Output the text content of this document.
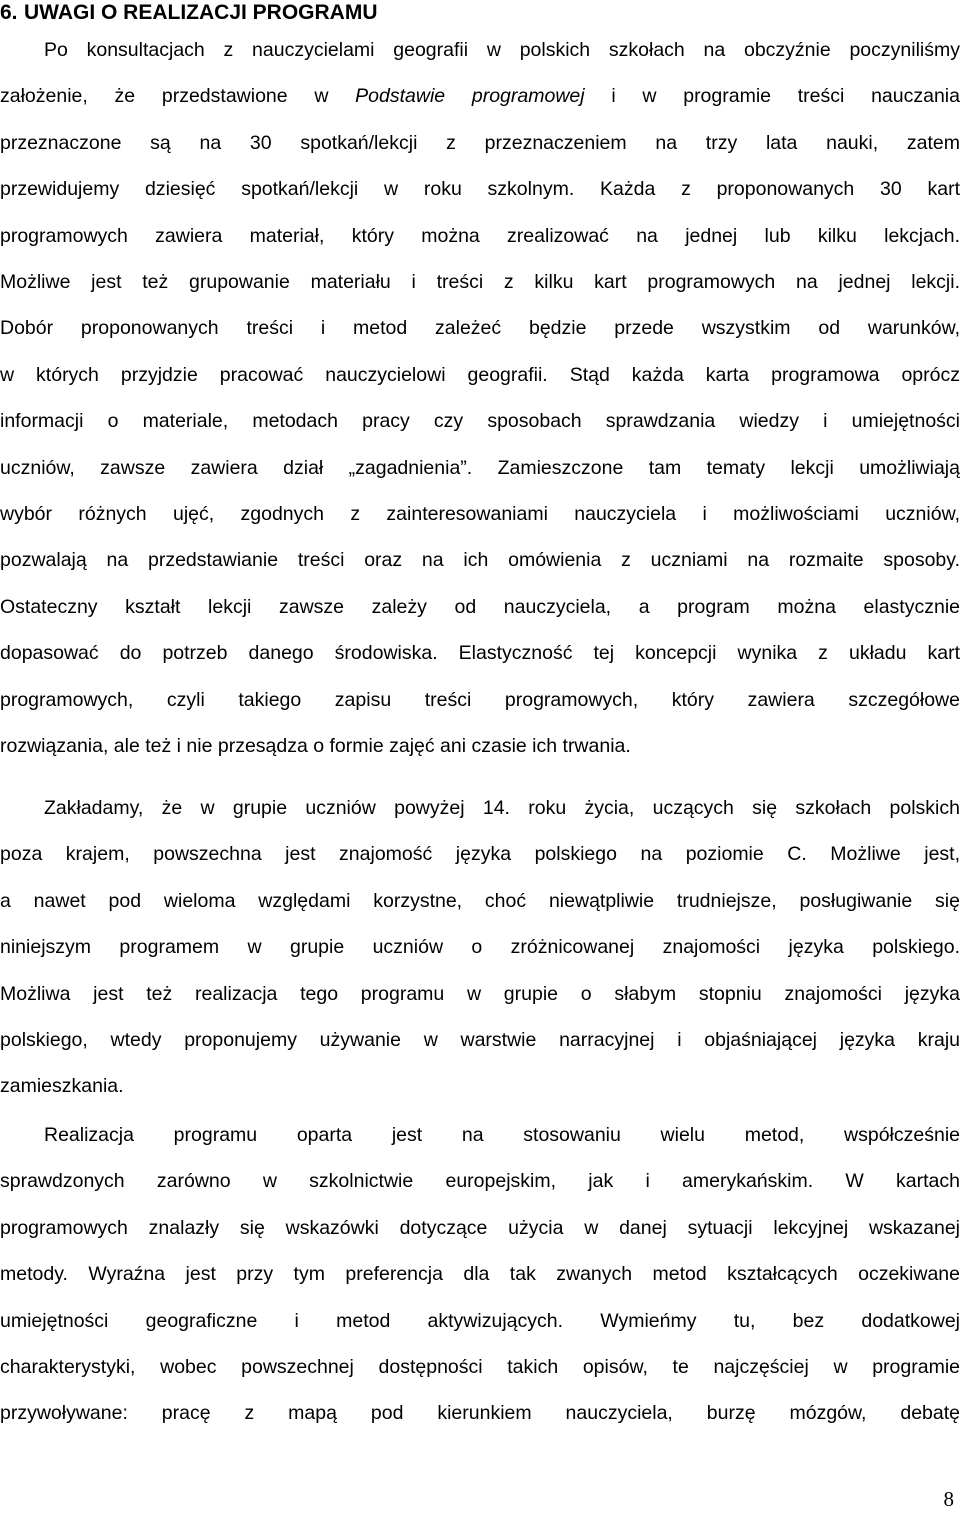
6. UWAGI O REALIZACJI PROGRAMU
Po konsultacjach z nauczycielami geografii w polskich szkołach na obczyźnie poczyniliśmy
założenie, że przedstawione w Podstawie programowej i w programie treści nauczania
przeznaczone są na 30 spotkań/lekcji z przeznaczeniem na trzy lata nauki, zatem
przewidujemy dziesięć spotkań/lekcji w roku szkolnym. Każda z proponowanych 30 kart
programowych zawiera materiał, który można zrealizować na jednej lub kilku lekcjach.
Możliwe jest też grupowanie materiału i treści z kilku kart programowych na jednej lekcji.
Dobór proponowanych treści i metod zależeć będzie przede wszystkim od warunków,
w których przyjdzie pracować nauczycielowi geografii. Stąd każda karta programowa oprócz
informacji o materiale, metodach pracy czy sposobach sprawdzania wiedzy i umiejętności
uczniów, zawsze zawiera dział „zagadnienia”. Zamieszczone tam tematy lekcji umożliwiają
wybór różnych ujęć, zgodnych z zainteresowaniami nauczyciela i możliwościami uczniów,
pozwalają na przedstawianie treści oraz na ich omówienia z uczniami na rozmaite sposoby.
Ostateczny kształt lekcji zawsze zależy od nauczyciela, a program można elastycznie
dopasować do potrzeb danego środowiska. Elastyczność tej koncepcji wynika z układu kart
programowych, czyli takiego zapisu treści programowych, który zawiera szczegółowe
rozwiązania, ale też i nie przesądza o formie zajęć ani czasie ich trwania.
Zakładamy, że w grupie uczniów powyżej 14. roku życia, uczących się szkołach polskich
poza krajem, powszechna jest znajomość języka polskiego na poziomie C. Możliwe jest,
a nawet pod wieloma względami korzystne, choć niewątpliwie trudniejsze, posługiwanie się
niniejszym programem w grupie uczniów o zróżnicowanej znajomości języka polskiego.
Możliwa jest też realizacja tego programu w grupie o słabym stopniu znajomości języka
polskiego, wtedy proponujemy używanie w warstwie narracyjnej i objaśniającej języka kraju
zamieszkania.
Realizacja programu oparta jest na stosowaniu wielu metod, współcześnie
sprawdzonych zarówno w szkolnictwie europejskim, jak i amerykańskim. W kartach
programowych znalazły się wskazówki dotyczące użycia w danej sytuacji lekcyjnej wskazanej
metody. Wyraźna jest przy tym preferencja dla tak zwanych metod kształcących oczekiwane
umiejętności geograficzne i metod aktywizujących. Wymieńmy tu, bez dodatkowej
charakterystyki, wobec powszechnej dostępności takich opisów, te najczęściej w programie
przywoływane: pracę z mapą pod kierunkiem nauczyciela, burzę mózgów, debatę
8
